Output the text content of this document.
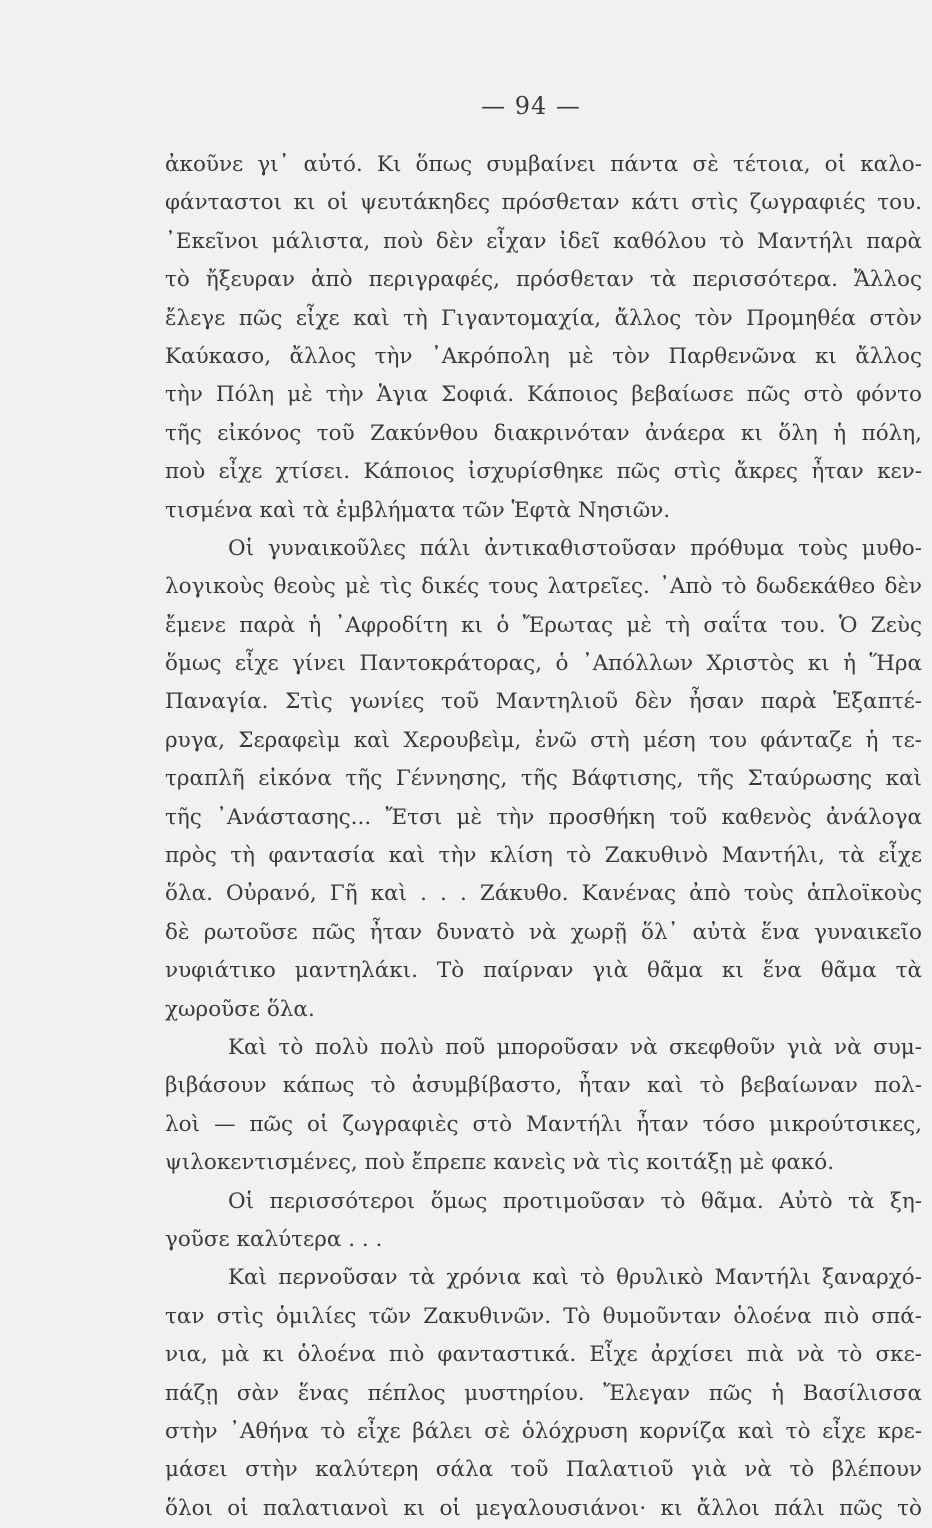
— 94 —
ἀκοῦνε γι᾿ αὐτό. Κι ὅπως συμβαίνει πάντα σὲ τέτοια, οἱ καλο-
φάνταστοι κι οἱ ψευτάκηδες πρόσθεταν κάτι στὶς ζωγραφιές του.
᾿Εκεῖνοι μάλιστα, ποὺ δὲν εἶχαν ἰδεῖ καθόλου τὸ Μαντήλι παρὰ
τὸ ἤξευραν ἀπὸ περιγραφές, πρόσθεταν τὰ περισσότερα. Ἄλλος
ἔλεγε πῶς εἶχε καὶ τὴ Γιγαντομαχία, ἄλλος τὸν Προμηθέα στὸν
Καύκασο, ἄλλος τὴν ᾿Ακρόπολη μὲ τὸν Παρθενῶνα κι ἄλλος
τὴν Πόλη μὲ τὴν Ἁγια Σοφιά. Κάποιος βεβαίωσε πῶς στὸ φόντο
τῆς εἰκόνος τοῦ Ζακύνθου διακρινόταν ἀνάερα κι ὅλη ἡ πόλη,
ποὺ εἶχε χτίσει. Κάποιος ἰσχυρίσθηκε πῶς στὶς ἄκρες ἦταν κεν-
τισμένα καὶ τὰ ἐμβλήματα τῶν Ἑφτὰ Νησιῶν.
Οἱ γυναικοῦλες πάλι ἀντικαθιστοῦσαν πρόθυμα τοὺς μυθο-
λογικοὺς θεοὺς μὲ τὶς δικές τους λατρεῖες. ᾿Απὸ τὸ δωδεκάθεο δὲν
ἔμενε παρὰ ἡ ᾿Αφροδίτη κι ὁ Ἔρωτας μὲ τὴ σαΐτα του. Ὁ Ζεὺς
ὅμως εἶχε γίνει Παντοκράτορας, ὁ ᾿Απόλλων Χριστὸς κι ἡ Ἥρα
Παναγία. Στὶς γωνίες τοῦ Μαντηλιοῦ δὲν ἦσαν παρὰ Ἑξαπτέ-
ρυγα, Σεραφεὶμ καὶ Χερουβεὶμ, ἐνῶ στὴ μέση του φάνταζε ἡ τε-
τραπλῆ εἰκόνα τῆς Γέννησης, τῆς Βάφτισης, τῆς Σταύρωσης καὶ
τῆς ᾿Ανάστασης... Ἔτσι μὲ τὴν προσθήκη τοῦ καθενὸς ἀνάλογα
πρὸς τὴ φαντασία καὶ τὴν κλίση τὸ Ζακυθινὸ Μαντήλι, τὰ εἶχε
ὅλα. Οὐρανό, Γῆ καὶ . . . Ζάκυθο. Κανένας ἀπὸ τοὺς ἁπλοϊκοὺς
δὲ ρωτοῦσε πῶς ἦταν δυνατὸ νὰ χωρῇ ὅλ᾿ αὐτὰ ἕνα γυναικεῖο
νυφιάτικο μαντηλάκι. Τὸ παίρναν γιὰ θᾶμα κι ἕνα θᾶμα τὰ
χωροῦσε ὅλα.
Καὶ τὸ πολὺ πολὺ ποῦ μποροῦσαν νὰ σκεφθοῦν γιὰ νὰ συμ-
βιβάσουν κάπως τὸ ἀσυμβίβαστο, ἦταν καὶ τὸ βεβαίωναν πολ-
λοὶ — πῶς οἱ ζωγραφιὲς στὸ Μαντήλι ἦταν τόσο μικρούτσικες,
ψιλοκεντισμένες, ποὺ ἔπρεπε κανεὶς νὰ τὶς κοιτάξῃ μὲ φακό.
Οἱ περισσότεροι ὅμως προτιμοῦσαν τὸ θᾶμα. Αὐτὸ τὰ ξη-
γοῦσε καλύτερα . . .
Καὶ περνοῦσαν τὰ χρόνια καὶ τὸ θρυλικὸ Μαντήλι ξαναρχό-
ταν στὶς ὁμιλίες τῶν Ζακυθινῶν. Τὸ θυμοῦνταν ὁλοένα πιὸ σπά-
νια, μὰ κι ὁλοένα πιὸ φανταστικά. Εἶχε ἀρχίσει πιὰ νὰ τὸ σκε-
πάζῃ σὰν ἕνας πέπλος μυστηρίου. Ἔλεγαν πῶς ἡ Βασίλισσα
στὴν ᾿Αθήνα τὸ εἶχε βάλει σὲ ὁλόχρυση κορνίζα καὶ τὸ εἶχε κρε-
μάσει στὴν καλύτερη σάλα τοῦ Παλατιοῦ γιὰ νὰ τὸ βλέπουν
ὅλοι οἱ παλατιανοὶ κι οἱ μεγαλουσιάνοι· κι ἄλλοι πάλι πῶς τὸ
